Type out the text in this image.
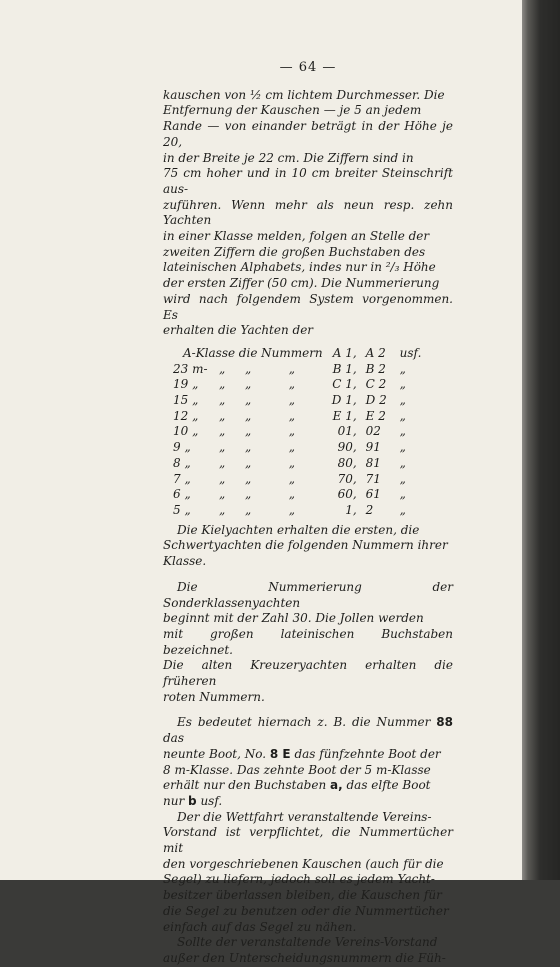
— 64 —

kauschen von ½ cm lichtem Durchmesser. Die

Entfernung der Kauschen — je 5 an jedem

Rande — von einander beträgt in der Höhe je 20,

in der Breite je 22 cm. Die Ziffern sind in

75 cm hoher und in 10 cm breiter Steinschrift aus-

zuführen. Wenn mehr als neun resp. zehn Yachten

in einer Klasse melden, folgen an Stelle der

zweiten Ziffern die großen Buchstaben des

lateinischen Alphabets, indes nur in ²/₃ Höhe

der ersten Ziffer (50 cm). Die Nummerierung

wird nach folgendem System vorgenommen. Es

erhalten die Yachten der

A-Klasse		die	Nummern	A 1,	A 2	usf.
23 m-	„	„	„	B 1,	B 2	„
19 „	„	„	„	C 1,	C 2	„
15 „	„	„	„	D 1,	D 2	„
12 „	„	„	„	E 1,	E 2	„
10 „	„	„	„	01,	02	„
9 „	„	„	„	90,	91	„
8 „	„	„	„	80,	81	„
7 „	„	„	„	70,	71	„
6 „	„	„	„	60,	61	„
5 „	„	„	„	1,	2	„

Die Kielyachten erhalten die ersten, die

Schwertyachten die folgenden Nummern ihrer

Klasse.

Die Nummerierung der Sonderklassenyachten

beginnt mit der Zahl 30. Die Jollen werden

mit großen lateinischen Buchstaben bezeichnet.

Die alten Kreuzeryachten erhalten die früheren

roten Nummern.

Es bedeutet hiernach z. B. die Nummer 88 das

neunte Boot, No. 8 E das fünfzehnte Boot der

8 m-Klasse. Das zehnte Boot der 5 m-Klasse

erhält nur den Buchstaben a, das elfte Boot

nur b usf.

Der die Wettfahrt veranstaltende Vereins-

Vorstand ist verpflichtet, die Nummertücher mit

den vorgeschriebenen Kauschen (auch für die

Segel) zu liefern, jedoch soll es jedem Yacht-

besitzer überlassen bleiben, die Kauschen für

die Segel zu benutzen oder die Nummertücher

einfach auf das Segel zu nähen.

Sollte der veranstaltende Vereins-Vorstand

außer den Unterscheidungsnummern die Füh-
